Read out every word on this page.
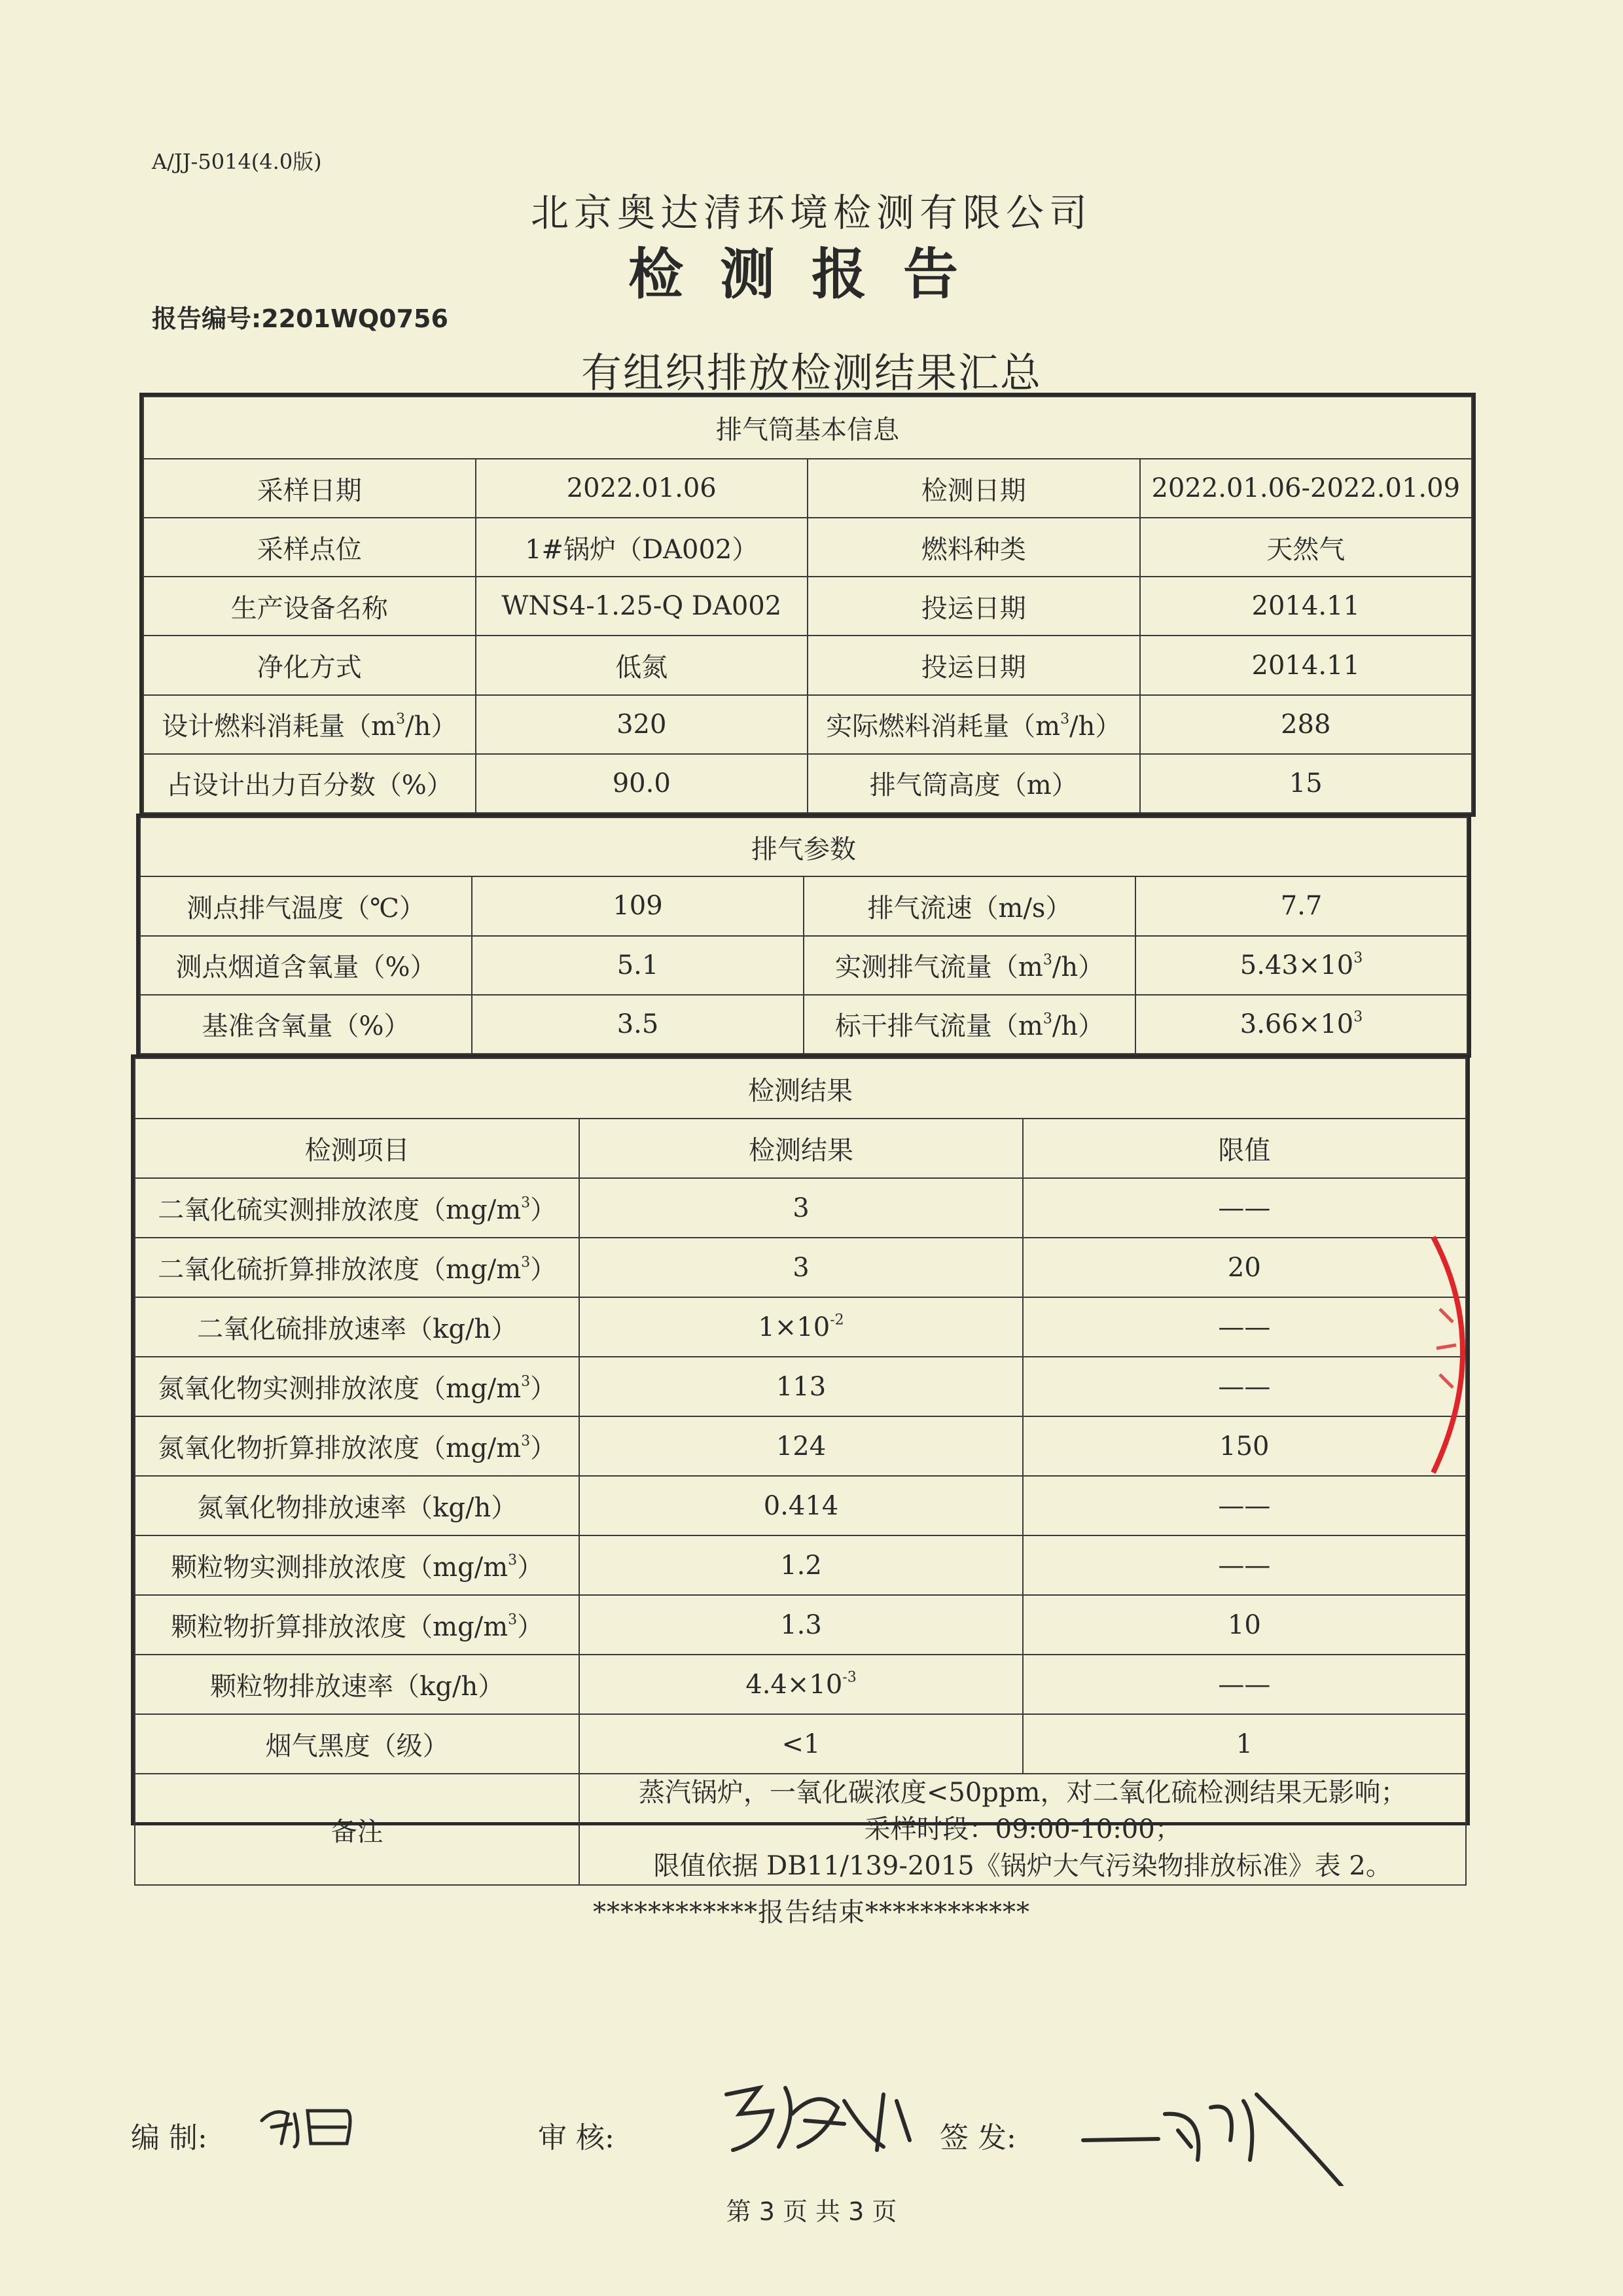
A/JJ-5014(4.0版)
北京奥达清环境检测有限公司
检测报告
报告编号:2201WQ0756
有组织排放检测结果汇总
排气筒基本信息			
采样日期	2022.01.06	检测日期	2022.01.06-2022.01.09
采样点位	1#锅炉（DA002）	燃料种类	天然气
生产设备名称	WNS4-1.25-Q DA002	投运日期	2014.11
净化方式	低氮	投运日期	2014.11
设计燃料消耗量$(m^3/h)$	320	实际燃料消耗量$(m^3/h)$	288
占设计出力百分数（%）	90.0	排气筒高度（m）	15
排气参数			
测点排气温度（℃）	109	排气流速（m/s）	7.7
测点烟道含氧量（%）	5.1	实测排气流量$(m^3/h)$	$5.43\times 10^3$
基准含氧量（%）	3.5	标干排气流量$(m^3/h)$	$3.66\times 10^3$
检测结果		
检测项目	检测结果	限值
二氧化硫实测排放浓度$(mg/m^3)$	3	——
二氧化硫折算排放浓度$(mg/m^3)$	3	20
二氧化硫排放速率（kg/h）	$1\times 10^{-2}$	——
氮氧化物实测排放浓度$(mg/m^3)$	113	——
氮氧化物折算排放浓度$(mg/m^3)$	124	150
氮氧化物排放速率（kg/h）	0.414	——
颗粒物实测排放浓度$(mg/m^3)$	1.2	——
颗粒物折算排放浓度$(mg/m^3)$	1.3	10
颗粒物排放速率（kg/h）	$4.4\times 10^{-3}$	——
烟气黑度（级）	<1	1
备注	蒸汽锅炉，一氧化碳浓度<50ppm，对二氧化硫检测结果无影响；
采样时段：09:00-10:00；
限值依据 DB11/139-2015《锅炉大气污染物排放标准》表 2。	
************报告结束************
编 制:	审 核:	签 发:
第 3 页 共 3 页
